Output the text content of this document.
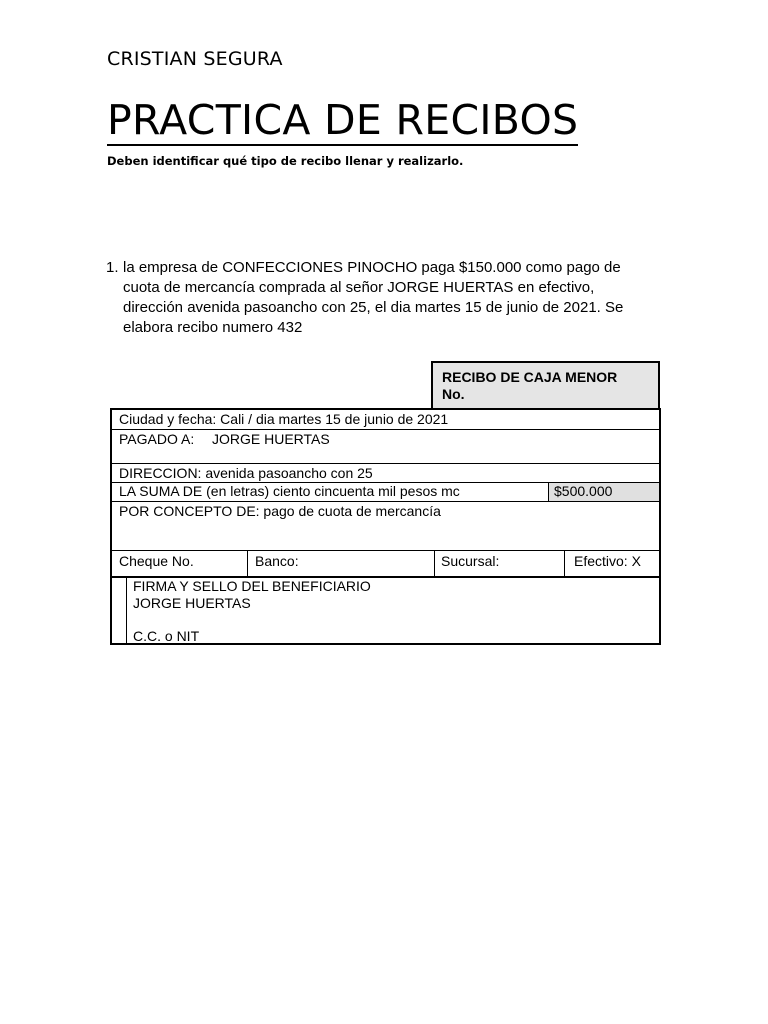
CRISTIAN SEGURA
PRACTICA DE RECIBOS
Deben identificar qué tipo de recibo llenar y realizarlo.
1. la empresa de CONFECCIONES PINOCHO paga $150.000 como pago de
cuota de mercancía comprada al señor JORGE HUERTAS en efectivo,
dirección avenida pasoancho con 25, el dia martes 15 de junio de 2021. Se
elabora recibo numero 432
RECIBO DE CAJA MENOR
No.
Ciudad y fecha: Cali / dia martes 15 de junio de 2021
PAGADO A: JORGE HUERTAS
DIRECCION: avenida pasoancho con 25
LA SUMA DE (en letras) ciento cincuenta mil pesos mc	$500.000
POR CONCEPTO DE: pago de cuota de mercancía
Cheque No.	Banco:	Sucursal:	Efectivo: X
FIRMA Y SELLO DEL BENEFICIARIO
JORGE HUERTAS
C.C. o NIT
